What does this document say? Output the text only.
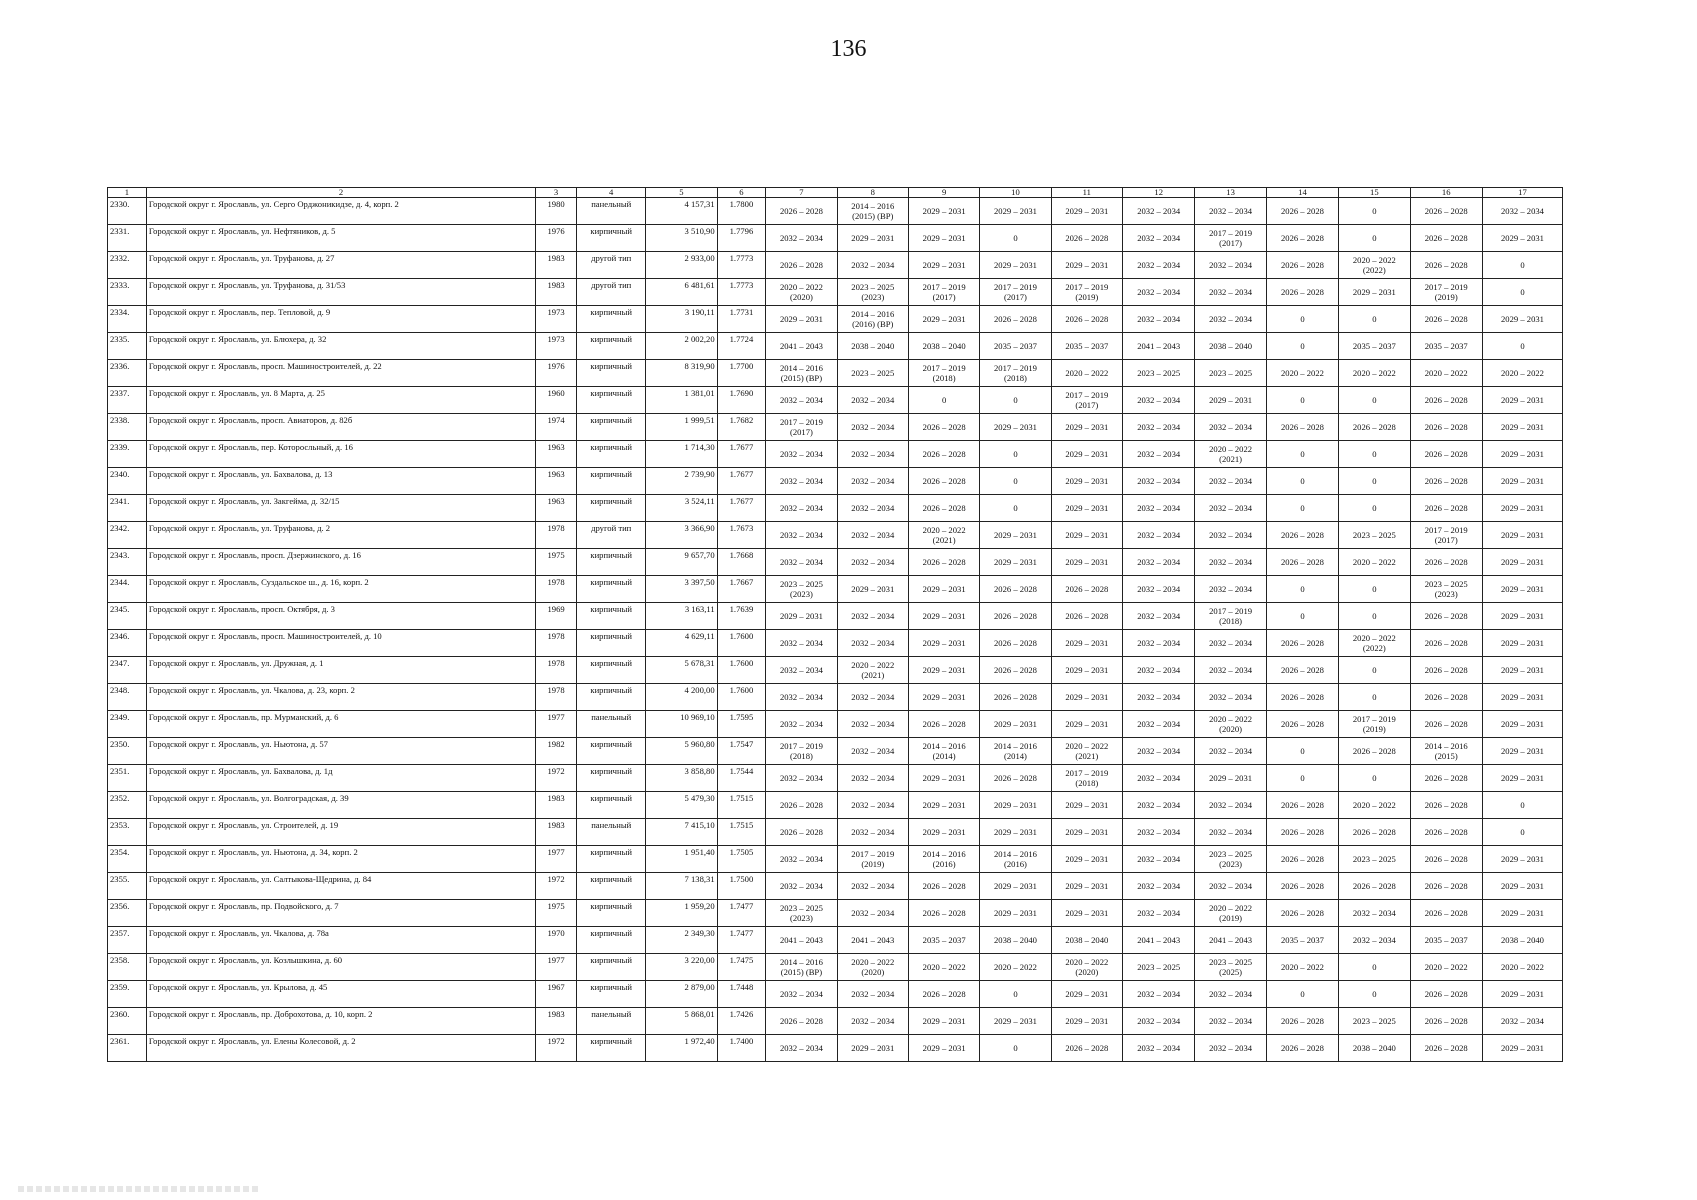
136
1	2	3	4	5	6	7	8	9	10	11	12	13	14	15	16	17
2330.	Городской округ г. Ярославль, ул. Серго Орджоникидзе, д. 4, корп. 2	1980	панельный	4 157,31	1.7800	2026 – 2028	2014 – 2016 (2015) (ВР)	2029 – 2031	2029 – 2031	2029 – 2031	2032 – 2034	2032 – 2034	2026 – 2028	0	2026 – 2028	2032 – 2034
2331.	Городской округ г. Ярославль, ул. Нефтяников, д. 5	1976	кирпичный	3 510,90	1.7796	2032 – 2034	2029 – 2031	2029 – 2031	0	2026 – 2028	2032 – 2034	2017 – 2019 (2017)	2026 – 2028	0	2026 – 2028	2029 – 2031
2332.	Городской округ г. Ярославль, ул. Труфанова, д. 27	1983	другой тип	2 933,00	1.7773	2026 – 2028	2032 – 2034	2029 – 2031	2029 – 2031	2029 – 2031	2032 – 2034	2032 – 2034	2026 – 2028	2020 – 2022 (2022)	2026 – 2028	0
2333.	Городской округ г. Ярославль, ул. Труфанова, д. 31/53	1983	другой тип	6 481,61	1.7773	2020 – 2022 (2020)	2023 – 2025 (2023)	2017 – 2019 (2017)	2017 – 2019 (2017)	2017 – 2019 (2019)	2032 – 2034	2032 – 2034	2026 – 2028	2029 – 2031	2017 – 2019 (2019)	0
2334.	Городской округ г. Ярославль, пер. Тепловой, д. 9	1973	кирпичный	3 190,11	1.7731	2029 – 2031	2014 – 2016 (2016) (ВР)	2029 – 2031	2026 – 2028	2026 – 2028	2032 – 2034	2032 – 2034	0	0	2026 – 2028	2029 – 2031
2335.	Городской округ г. Ярославль, ул. Блюхера, д. 32	1973	кирпичный	2 002,20	1.7724	2041 – 2043	2038 – 2040	2038 – 2040	2035 – 2037	2035 – 2037	2041 – 2043	2038 – 2040	0	2035 – 2037	2035 – 2037	0
2336.	Городской округ г. Ярославль, просп. Машиностроителей, д. 22	1976	кирпичный	8 319,90	1.7700	2014 – 2016 (2015) (ВР)	2023 – 2025	2017 – 2019 (2018)	2017 – 2019 (2018)	2020 – 2022	2023 – 2025	2023 – 2025	2020 – 2022	2020 – 2022	2020 – 2022	2020 – 2022
2337.	Городской округ г. Ярославль, ул. 8 Марта, д. 25	1960	кирпичный	1 381,01	1.7690	2032 – 2034	2032 – 2034	0	0	2017 – 2019 (2017)	2032 – 2034	2029 – 2031	0	0	2026 – 2028	2029 – 2031
2338.	Городской округ г. Ярославль, просп. Авиаторов, д. 82б	1974	кирпичный	1 999,51	1.7682	2017 – 2019 (2017)	2032 – 2034	2026 – 2028	2029 – 2031	2029 – 2031	2032 – 2034	2032 – 2034	2026 – 2028	2026 – 2028	2026 – 2028	2029 – 2031
2339.	Городской округ г. Ярославль, пер. Которосльный, д. 16	1963	кирпичный	1 714,30	1.7677	2032 – 2034	2032 – 2034	2026 – 2028	0	2029 – 2031	2032 – 2034	2020 – 2022 (2021)	0	0	2026 – 2028	2029 – 2031
2340.	Городской округ г. Ярославль, ул. Бахвалова, д. 13	1963	кирпичный	2 739,90	1.7677	2032 – 2034	2032 – 2034	2026 – 2028	0	2029 – 2031	2032 – 2034	2032 – 2034	0	0	2026 – 2028	2029 – 2031
2341.	Городской округ г. Ярославль, ул. Закгейма, д. 32/15	1963	кирпичный	3 524,11	1.7677	2032 – 2034	2032 – 2034	2026 – 2028	0	2029 – 2031	2032 – 2034	2032 – 2034	0	0	2026 – 2028	2029 – 2031
2342.	Городской округ г. Ярославль, ул. Труфанова, д. 2	1978	другой тип	3 366,90	1.7673	2032 – 2034	2032 – 2034	2020 – 2022 (2021)	2029 – 2031	2029 – 2031	2032 – 2034	2032 – 2034	2026 – 2028	2023 – 2025	2017 – 2019 (2017)	2029 – 2031
2343.	Городской округ г. Ярославль, просп. Дзержинского, д. 16	1975	кирпичный	9 657,70	1.7668	2032 – 2034	2032 – 2034	2026 – 2028	2029 – 2031	2029 – 2031	2032 – 2034	2032 – 2034	2026 – 2028	2020 – 2022	2026 – 2028	2029 – 2031
2344.	Городской округ г. Ярославль, Суздальское ш., д. 16, корп. 2	1978	кирпичный	3 397,50	1.7667	2023 – 2025 (2023)	2029 – 2031	2029 – 2031	2026 – 2028	2026 – 2028	2032 – 2034	2032 – 2034	0	0	2023 – 2025 (2023)	2029 – 2031
2345.	Городской округ г. Ярославль, просп. Октября, д. 3	1969	кирпичный	3 163,11	1.7639	2029 – 2031	2032 – 2034	2029 – 2031	2026 – 2028	2026 – 2028	2032 – 2034	2017 – 2019 (2018)	0	0	2026 – 2028	2029 – 2031
2346.	Городской округ г. Ярославль, просп. Машиностроителей, д. 10	1978	кирпичный	4 629,11	1.7600	2032 – 2034	2032 – 2034	2029 – 2031	2026 – 2028	2029 – 2031	2032 – 2034	2032 – 2034	2026 – 2028	2020 – 2022 (2022)	2026 – 2028	2029 – 2031
2347.	Городской округ г. Ярославль, ул. Дружная, д. 1	1978	кирпичный	5 678,31	1.7600	2032 – 2034	2020 – 2022 (2021)	2029 – 2031	2026 – 2028	2029 – 2031	2032 – 2034	2032 – 2034	2026 – 2028	0	2026 – 2028	2029 – 2031
2348.	Городской округ г. Ярославль, ул. Чкалова, д. 23, корп. 2	1978	кирпичный	4 200,00	1.7600	2032 – 2034	2032 – 2034	2029 – 2031	2026 – 2028	2029 – 2031	2032 – 2034	2032 – 2034	2026 – 2028	0	2026 – 2028	2029 – 2031
2349.	Городской округ г. Ярославль, пр. Мурманский, д. 6	1977	панельный	10 969,10	1.7595	2032 – 2034	2032 – 2034	2026 – 2028	2029 – 2031	2029 – 2031	2032 – 2034	2020 – 2022 (2020)	2026 – 2028	2017 – 2019 (2019)	2026 – 2028	2029 – 2031
2350.	Городской округ г. Ярославль, ул. Ньютона, д. 57	1982	кирпичный	5 960,80	1.7547	2017 – 2019 (2018)	2032 – 2034	2014 – 2016 (2014)	2014 – 2016 (2014)	2020 – 2022 (2021)	2032 – 2034	2032 – 2034	0	2026 – 2028	2014 – 2016 (2015)	2029 – 2031
2351.	Городской округ г. Ярославль, ул. Бахвалова, д. 1д	1972	кирпичный	3 858,80	1.7544	2032 – 2034	2032 – 2034	2029 – 2031	2026 – 2028	2017 – 2019 (2018)	2032 – 2034	2029 – 2031	0	0	2026 – 2028	2029 – 2031
2352.	Городской округ г. Ярославль, ул. Волгоградская, д. 39	1983	кирпичный	5 479,30	1.7515	2026 – 2028	2032 – 2034	2029 – 2031	2029 – 2031	2029 – 2031	2032 – 2034	2032 – 2034	2026 – 2028	2020 – 2022	2026 – 2028	0
2353.	Городской округ г. Ярославль, ул. Строителей, д. 19	1983	панельный	7 415,10	1.7515	2026 – 2028	2032 – 2034	2029 – 2031	2029 – 2031	2029 – 2031	2032 – 2034	2032 – 2034	2026 – 2028	2026 – 2028	2026 – 2028	0
2354.	Городской округ г. Ярославль, ул. Ньютона, д. 34, корп. 2	1977	кирпичный	1 951,40	1.7505	2032 – 2034	2017 – 2019 (2019)	2014 – 2016 (2016)	2014 – 2016 (2016)	2029 – 2031	2032 – 2034	2023 – 2025 (2023)	2026 – 2028	2023 – 2025	2026 – 2028	2029 – 2031
2355.	Городской округ г. Ярославль, ул. Салтыкова-Щедрина, д. 84	1972	кирпичный	7 138,31	1.7500	2032 – 2034	2032 – 2034	2026 – 2028	2029 – 2031	2029 – 2031	2032 – 2034	2032 – 2034	2026 – 2028	2026 – 2028	2026 – 2028	2029 – 2031
2356.	Городской округ г. Ярославль, пр. Подвойского, д. 7	1975	кирпичный	1 959,20	1.7477	2023 – 2025 (2023)	2032 – 2034	2026 – 2028	2029 – 2031	2029 – 2031	2032 – 2034	2020 – 2022 (2019)	2026 – 2028	2032 – 2034	2026 – 2028	2029 – 2031
2357.	Городской округ г. Ярославль, ул. Чкалова, д. 78а	1970	кирпичный	2 349,30	1.7477	2041 – 2043	2041 – 2043	2035 – 2037	2038 – 2040	2038 – 2040	2041 – 2043	2041 – 2043	2035 – 2037	2032 – 2034	2035 – 2037	2038 – 2040
2358.	Городской округ г. Ярославль, ул. Козлышкина, д. 60	1977	кирпичный	3 220,00	1.7475	2014 – 2016 (2015) (ВР)	2020 – 2022 (2020)	2020 – 2022	2020 – 2022	2020 – 2022 (2020)	2023 – 2025	2023 – 2025 (2025)	2020 – 2022	0	2020 – 2022	2020 – 2022
2359.	Городской округ г. Ярославль, ул. Крылова, д. 45	1967	кирпичный	2 879,00	1.7448	2032 – 2034	2032 – 2034	2026 – 2028	0	2029 – 2031	2032 – 2034	2032 – 2034	0	0	2026 – 2028	2029 – 2031
2360.	Городской округ г. Ярославль, пр. Доброхотова, д. 10, корп. 2	1983	панельный	5 868,01	1.7426	2026 – 2028	2032 – 2034	2029 – 2031	2029 – 2031	2029 – 2031	2032 – 2034	2032 – 2034	2026 – 2028	2023 – 2025	2026 – 2028	2032 – 2034
2361.	Городской округ г. Ярославль, ул. Елены Колесовой, д. 2	1972	кирпичный	1 972,40	1.7400	2032 – 2034	2029 – 2031	2029 – 2031	0	2026 – 2028	2032 – 2034	2032 – 2034	2026 – 2028	2038 – 2040	2026 – 2028	2029 – 2031
